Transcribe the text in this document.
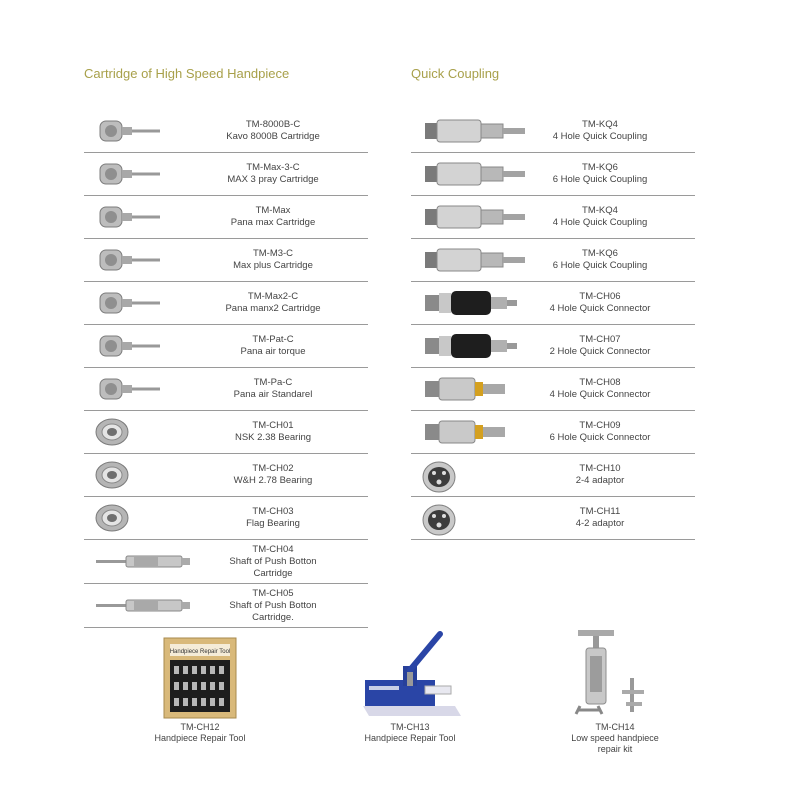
Cartridge of High Speed Handpiece	Quick Coupling
TM-8000B-C
Kavo 8000B Cartridge
TM-Max-3-C
MAX 3 pray Cartridge
TM-Max
Pana max Cartridge
TM-M3-C
Max plus Cartridge
TM-Max2-C
Pana manx2 Cartridge
TM-Pat-C
Pana air torque
TM-Pa-C
Pana air Standarel
TM-CH01
NSK 2.38 Bearing
TM-CH02
W&H 2.78 Bearing
TM-CH03
Flag Bearing
TM-CH04
Shaft of Push Botton
Cartridge
TM-CH05
Shaft of Push Botton
Cartridge.
TM-KQ4
4 Hole Quick Coupling
TM-KQ6
6 Hole Quick Coupling
TM-KQ4
4 Hole Quick Coupling
TM-KQ6
6 Hole Quick Coupling
TM-CH06
4 Hole Quick Connector
TM-CH07
2 Hole Quick Connector
TM-CH08
4 Hole Quick Connector
TM-CH09
6 Hole Quick Connector
TM-CH10
2-4 adaptor
TM-CH11
4-2 adaptor
Handpiece Repair Tool
TM-CH12
Handpiece Repair Tool
TM-CH13
Handpiece Repair Tool
TM-CH14
Low speed handpiece
repair kit
